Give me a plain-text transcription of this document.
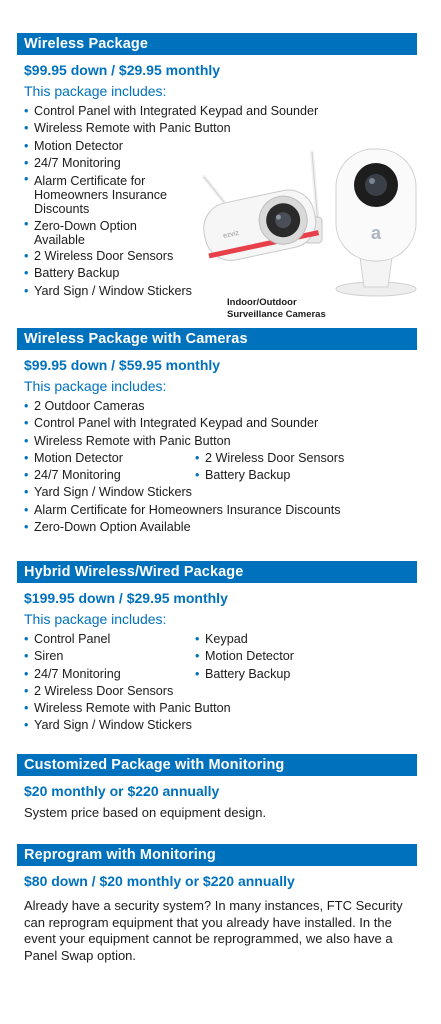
Wireless Package
$99.95 down / $29.95 monthly
This package includes:
• Control Panel with Integrated Keypad and Sounder
• Wireless Remote with Panic Button
• Motion Detector
• 24/7 Monitoring
• Alarm Certificate for Homeowners Insurance Discounts
• Zero-Down Option Available
• 2 Wireless Door Sensors
• Battery Backup
• Yard Sign / Window Stickers
ezviz	a
Indoor/Outdoor
Surveillance Cameras
Wireless Package with Cameras
$99.95 down / $59.95 monthly
This package includes:
• 2 Outdoor Cameras
• Control Panel with Integrated Keypad and Sounder
• Wireless Remote with Panic Button
• Motion Detector
• 24/7 Monitoring
• 2 Wireless Door Sensors
• Battery Backup
• Yard Sign / Window Stickers
• Alarm Certificate for Homeowners Insurance Discounts
• Zero-Down Option Available
Hybrid Wireless/Wired Package
$199.95 down / $29.95 monthly
This package includes:
• Control Panel
• Siren
• 24/7 Monitoring
• Keypad
• Motion Detector
• Battery Backup
• 2 Wireless Door Sensors
• Wireless Remote with Panic Button
• Yard Sign / Window Stickers
Customized Package with Monitoring
$20 monthly or $220 annually
System price based on equipment design.
Reprogram with Monitoring
$80 down / $20 monthly or $220 annually
Already have a security system? In many instances, FTC Security can reprogram equipment that you already have installed. In the event your equipment cannot be reprogrammed, we also have a Panel Swap option.
